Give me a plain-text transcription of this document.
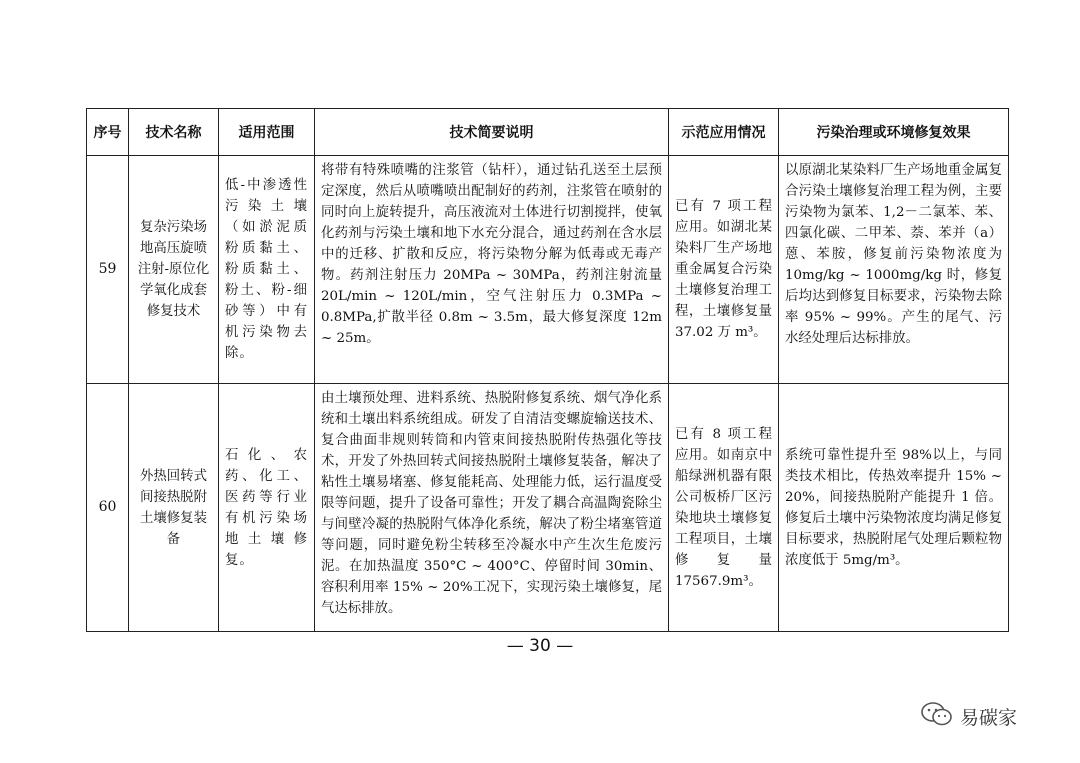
序号	技术名称	适用范围	技术简要说明	示范应用情况	污染治理或环境修复效果
59	复杂污染场地高压旋喷注射-原位化学氧化成套修复技术	低-中渗透性污染土壤（如淤泥质粉质黏土、粉质黏土、粉土、粉-细砂等）中有机污染物去除。	将带有特殊喷嘴的注浆管（钻杆），通过钻孔送至土层预定深度，然后从喷嘴喷出配制好的药剂，注浆管在喷射的同时向上旋转提升，高压液流对土体进行切割搅拌，使氧化药剂与污染土壤和地下水充分混合，通过药剂在含水层中的迁移、扩散和反应，将污染物分解为低毒或无毒产物。药剂注射压力 20MPa ~ 30MPa，药剂注射流量 20L/min ~ 120L/min，空气注射压力 0.3MPa ~ 0.8MPa,扩散半径 0.8m ~ 3.5m，最大修复深度 12m ~ 25m。	已有 7 项工程应用。如湖北某染料厂生产场地重金属复合污染土壤修复治理工程，土壤修复量 37.02 万 m³。	以原湖北某染料厂生产场地重金属复合污染土壤修复治理工程为例，主要污染物为氯苯、1,2－二氯苯、苯、四氯化碳、二甲苯、萘、苯并（a）蒽、苯胺，修复前污染物浓度为 10mg/kg ~ 1000mg/kg 时，修复后均达到修复目标要求，污染物去除率 95% ~ 99%。产生的尾气、污水经处理后达标排放。

60	外热回转式间接热脱附土壤修复装备	石化、农药、化工、医药等行业有机污染场地土壤修复。	由土壤预处理、进料系统、热脱附修复系统、烟气净化系统和土壤出料系统组成。研发了自清洁变螺旋输送技术、复合曲面非规则转筒和内管束间接热脱附传热强化等技术，开发了外热回转式间接热脱附土壤修复装备，解决了粘性土壤易堵塞、修复能耗高、处理能力低，运行温度受限等问题，提升了设备可靠性；开发了耦合高温陶瓷除尘与间壁冷凝的热脱附气体净化系统，解决了粉尘堵塞管道等问题，同时避免粉尘转移至冷凝水中产生次生危废污泥。在加热温度 350°C ~ 400°C、停留时间 30min、容积利用率 15% ~ 20%工况下，实现污染土壤修复，尾气达标排放。	已有 8 项工程应用。如南京中船绿洲机器有限公司板桥厂区污染地块土壤修复工程项目，土壤修复量 17567.9m³。	系统可靠性提升至 98%以上，与同类技术相比，传热效率提升 15% ~ 20%，间接热脱附产能提升 1 倍。修复后土壤中污染物浓度均满足修复目标要求，热脱附尾气处理后颗粒物浓度低于 5mg/m³。
— 30 —
易碳家
